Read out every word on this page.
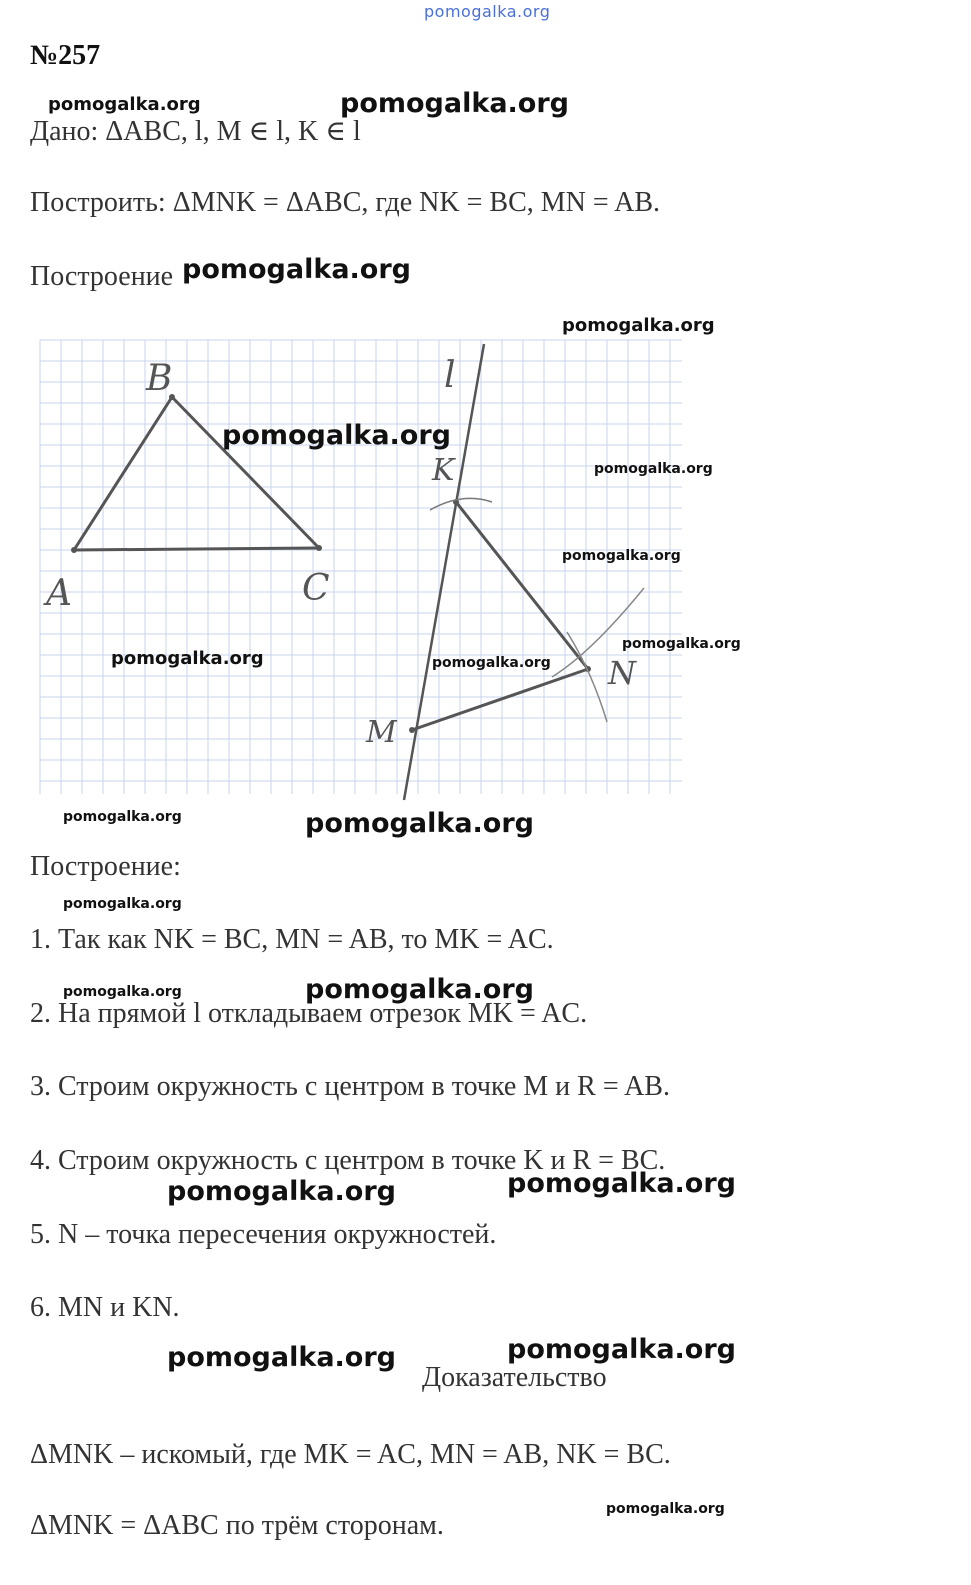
pomogalka.org
№257
Дано: ΔABC, l, M ∈ l, K ∈ l
Построить: ΔMNK = ΔABC, где NK = BC, MN = AB.
Построение
B
A	C
l
K
M
N
Построение:
1. Так как NK = BC, MN = AB, то MK = AC.
2. На прямой l откладываем отрезок MK = AC.
3. Строим окружность с центром в точке M и R = AB.
4. Строим окружность с центром в точке K и R = BC.
5. N – точка пересечения окружностей.
6. MN и KN.
Доказательство
ΔMNK – искомый, где MK = AC, MN = AB, NK = BC.
ΔMNK = ΔABC по трём сторонам.
pomogalka.org	pomogalka.org
pomogalka.org
pomogalka.org
pomogalka.org
pomogalka.org
pomogalka.org
pomogalka.org
pomogalka.org	pomogalka.org
pomogalka.org	pomogalka.org
pomogalka.org
pomogalka.org	pomogalka.org
pomogalka.org	pomogalka.org
pomogalka.org	pomogalka.org
pomogalka.org
